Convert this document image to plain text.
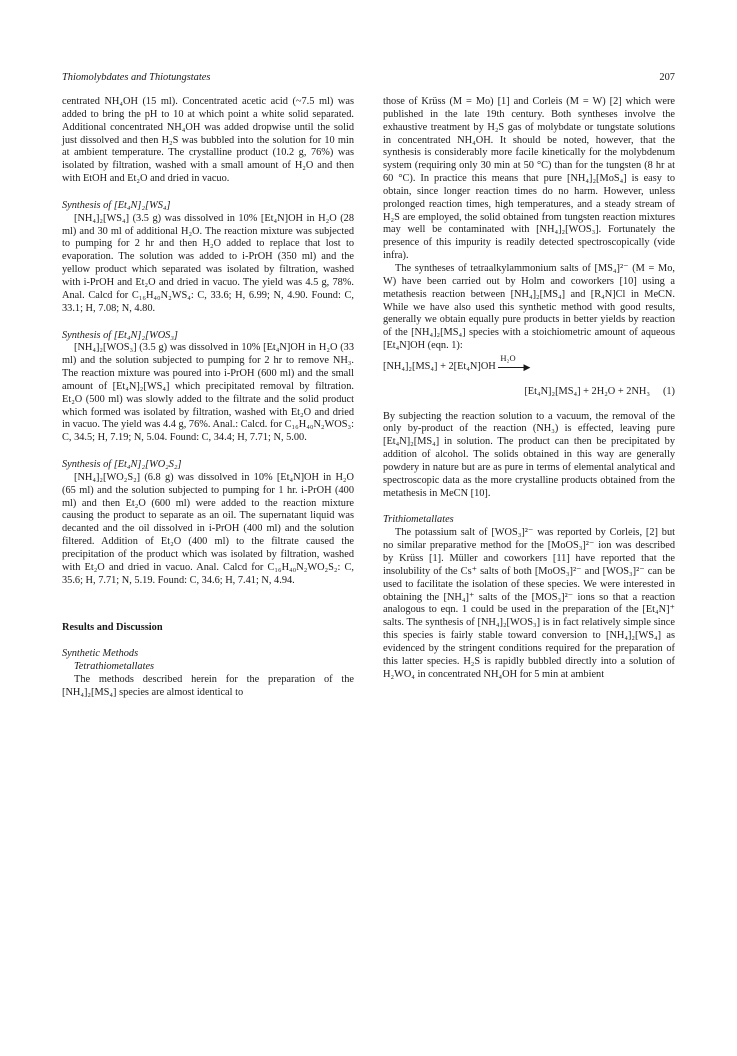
Thiomolybdates and Thiotungstates	207

centrated NH₄OH (15 ml). Concentrated acetic acid (~7.5 ml) was added to bring the pH to 10 at which point a white solid separated. Additional concentrated NH₄OH was added dropwise until the solid just dissolved and then H₂S was bubbled into the solution for 10 min at ambient temperature. The crystalline product (10.2 g, 76%) was isolated by filtration, washed with a small amount of H₂O and then with EtOH and Et₂O and dried in vacuo.

Synthesis of [Et₄N]₂[WS₄]

[NH₄]₂[WS₄] (3.5 g) was dissolved in 10% [Et₄N]OH in H₂O (28 ml) and 30 ml of additional H₂O. The reaction mixture was subjected to pumping for 2 hr and then H₂O added to replace that lost to evaporation. The solution was added to i-PrOH (350 ml) and the yellow product which separated was isolated by filtration, washed with i-PrOH and Et₂O and dried in vacuo. The yield was 4.5 g, 78%. Anal. Calcd for C₁₆H₄₀N₂WS₄: C, 33.6; H, 6.99; N, 4.90. Found: C, 33.1; H, 7.08; N, 4.80.

Synthesis of [Et₄N]₂[WOS₃]

[NH₄]₂[WOS₃] (3.5 g) was dissolved in 10% [Et₄N]OH in H₂O (33 ml) and the solution subjected to pumping for 2 hr to remove NH₃. The reaction mixture was poured into i-PrOH (600 ml) and the small amount of [Et₄N]₂[WS₄] which precipitated removal by filtration. Et₂O (500 ml) was slowly added to the filtrate and the solid product which formed was isolated by filtration, washed with Et₂O and dried in vacuo. The yield was 4.4 g, 76%. Anal.: Calcd. for C₁₆H₄₀N₂WOS₃: C, 34.5; H, 7.19; N, 5.04. Found: C, 34.4; H, 7.71; N, 5.00.

Synthesis of [Et₄N]₂[WO₂S₂]

[NH₄]₂[WO₂S₂] (6.8 g) was dissolved in 10% [Et₄N]OH in H₂O (65 ml) and the solution subjected to pumping for 1 hr. i-PrOH (400 ml) and then Et₂O (600 ml) were added to the reaction mixture causing the product to separate as an oil. The supernatant liquid was decanted and the oil dissolved in i-PrOH (400 ml) and the solution filtered. Addition of Et₂O (400 ml) to the filtrate caused the precipitation of the product which was isolated by filtration, washed with Et₂O and dried in vacuo. Anal. Calcd for C₁₆H₄₀N₂WO₂S₂: C, 35.6; H, 7.71; N, 5.19. Found: C, 34.6; H, 7.41; N, 4.94.

Results and Discussion

Synthetic Methods

Tetrathiometallates

The methods described herein for the preparation of the [NH₄]₂[MS₄] species are almost identical to

those of Krüss (M = Mo) [1] and Corleis (M = W) [2] which were published in the late 19th century. Both syntheses involve the exhaustive treatment by H₂S gas of molybdate or tungstate solutions in concentrated NH₄OH. It should be noted, however, that the synthesis is considerably more facile kinetically for the molybdenum system (requiring only 30 min at 50 °C) than for the tungsten (8 hr at 60 °C). In practice this means that pure [NH₄]₂[MoS₄] is easy to obtain, since longer reaction times do no harm. However, unless prolonged reaction times, high temperatures, and a steady stream of H₂S are employed, the solid obtained from tungsten reaction mixtures may well be contaminated with [NH₄]₂[WOS₃]. Fortunately the presence of this impurity is readily detected spectroscopically (vide infra).

The syntheses of tetraalkylammonium salts of [MS₄]²⁻ (M = Mo, W) have been carried out by Holm and coworkers [10] using a metathesis reaction between [NH₄]₂[MS₄] and [R₄N]Cl in MeCN. While we have also used this synthetic method with good results, generally we obtain equally pure products in better yields by reaction of the [NH₄]₂[MS₄] species with a stoichiometric amount of aqueous [Et₄N]OH (eqn. 1):

[NH₄]₂[MS₄] + 2[Et₄N]OH
H₂O
▶
[Et₄N]₂[MS₄] + 2H₂O + 2NH₃ (1)

By subjecting the reaction solution to a vacuum, the removal of the only by-product of the reaction (NH₃) is effected, leaving pure [Et₄N]₂[MS₄] in solution. The product can then be precipitated by addition of alcohol. The solids obtained in this way are generally powdery in nature but are as pure in terms of elemental analytical and spectroscopic data as the more crystalline products obtained from the metathesis in MeCN [10].

Trithiometallates

The potassium salt of [WOS₃]²⁻ was reported by Corleis, [2] but no similar preparative method for the [MoOS₃]²⁻ ion was described by Krüss [1]. Müller and coworkers [11] have reported that the insolubility of the Cs⁺ salts of both [MoOS₃]²⁻ and [WOS₃]²⁻ can be used to facilitate the isolation of these species. We were interested in obtaining the [NH₄]⁺ salts of the [MOS₃]²⁻ ions so that a reaction analogous to eqn. 1 could be used in the preparation of the [Et₄N]⁺ salts. The synthesis of [NH₄]₂[WOS₃] is in fact relatively simple since this species is fairly stable toward conversion to [NH₄]₂[WS₄] as evidenced by the stringent conditions required for the preparation of this latter species. H₂S is rapidly bubbled directly into a solution of H₂WO₄ in concentrated NH₄OH for 5 min at ambient
